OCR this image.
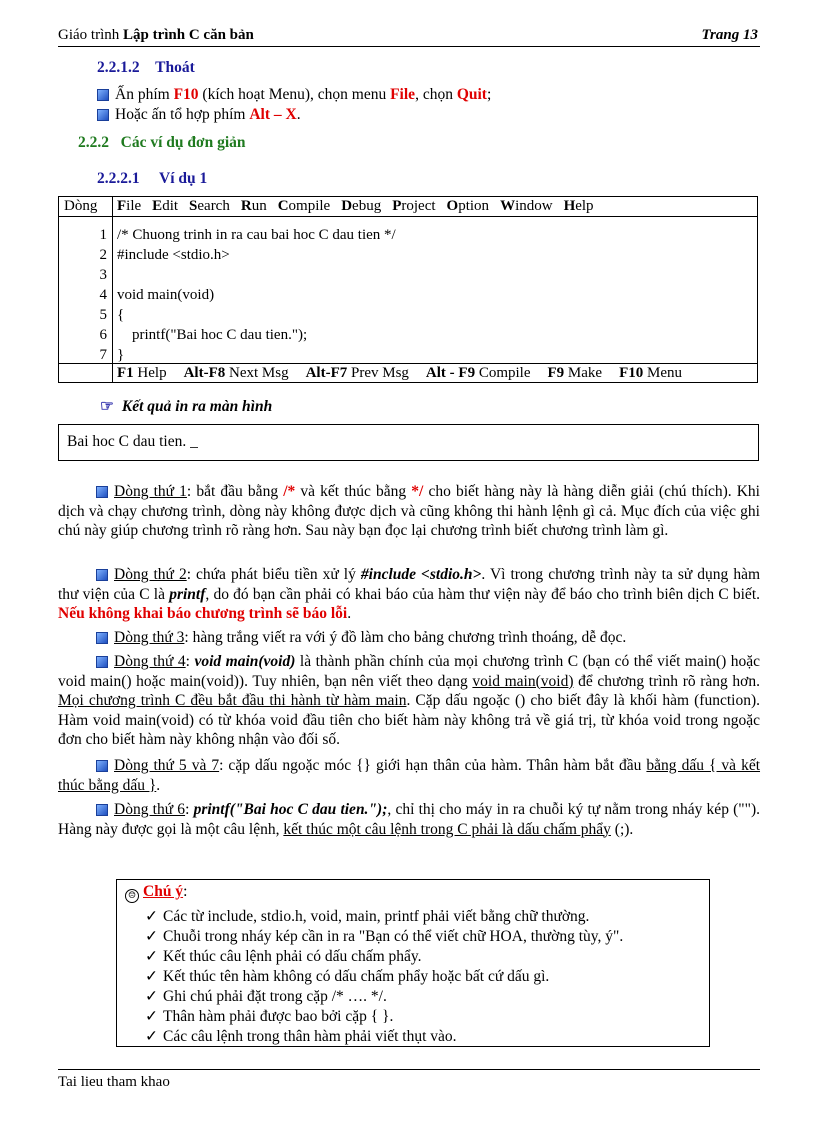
Giáo trình Lập trình C căn bản	Trang 13
2.2.1.2 Thoát
Ấn phím F10 (kích hoạt Menu), chọn menu File, chọn Quit;
Hoặc ấn tổ hợp phím Alt – X.
2.2.2 Các ví dụ đơn giản
2.2.2.1 Ví dụ 1
Dòng File Edit Search Run Compile Debug Project Option Window Help
1
2
3
4
5
6
7
/* Chuong trinh in ra cau bai hoc C dau tien */
#include <stdio.h>
void main(void)
{
printf("Bai hoc C dau tien.");
}
F1 Help Alt-F8 Next Msg Alt-F7 Prev Msg Alt - F9 Compile F9 Make F10 Menu
☞ Kết quả in ra màn hình
Bai hoc C dau tien. _
Dòng thứ 1: bắt đầu bằng /* và kết thúc bằng */ cho biết hàng này là hàng diễn giải (chú thích). Khi dịch và chạy chương trình, dòng này không được dịch và cũng không thi hành lệnh gì cả. Mục đích của việc ghi chú này giúp chương trình rõ ràng hơn. Sau này bạn đọc lại chương trình biết chương trình làm gì.
Dòng thứ 2: chứa phát biểu tiền xử lý #include <stdio.h>. Vì trong chương trình này ta sử dụng hàm thư viện của C là printf, do đó bạn cần phải có khai báo của hàm thư viện này để báo cho trình biên dịch C biết. Nếu không khai báo chương trình sẽ báo lỗi.
Dòng thứ 3: hàng trắng viết ra với ý đồ làm cho bảng chương trình thoáng, dễ đọc.
Dòng thứ 4: void main(void) là thành phần chính của mọi chương trình C (bạn có thể viết main() hoặc void main() hoặc main(void)). Tuy nhiên, bạn nên viết theo dạng void main(void) để chương trình rõ ràng hơn. Mọi chương trình C đều bắt đầu thi hành từ hàm main. Cặp dấu ngoặc () cho biết đây là khối hàm (function). Hàm void main(void) có từ khóa void đầu tiên cho biết hàm này không trả về giá trị, từ khóa void trong ngoặc đơn cho biết hàm này không nhận vào đối số.
Dòng thứ 5 và 7: cặp dấu ngoặc móc {} giới hạn thân của hàm. Thân hàm bắt đầu bằng dấu { và kết thúc bằng dấu }.
Dòng thứ 6: printf("Bai hoc C dau tien.");, chỉ thị cho máy in ra chuỗi ký tự nằm trong nháy kép (""). Hàng này được gọi là một câu lệnh, kết thúc một câu lệnh trong C phải là dấu chấm phẩy (;).
☹ Chú ý:
✓ Các từ include, stdio.h, void, main, printf phải viết bằng chữ thường.
✓ Chuỗi trong nháy kép cần in ra "Bạn có thể viết chữ HOA, thường tùy, ý".
✓ Kết thúc câu lệnh phải có dấu chấm phẩy.
✓ Kết thúc tên hàm không có dấu chấm phẩy hoặc bất cứ dấu gì.
✓ Ghi chú phải đặt trong cặp /* …. */.
✓ Thân hàm phải được bao bởi cặp { }.
✓ Các câu lệnh trong thân hàm phải viết thụt vào.
Tai lieu tham khao
